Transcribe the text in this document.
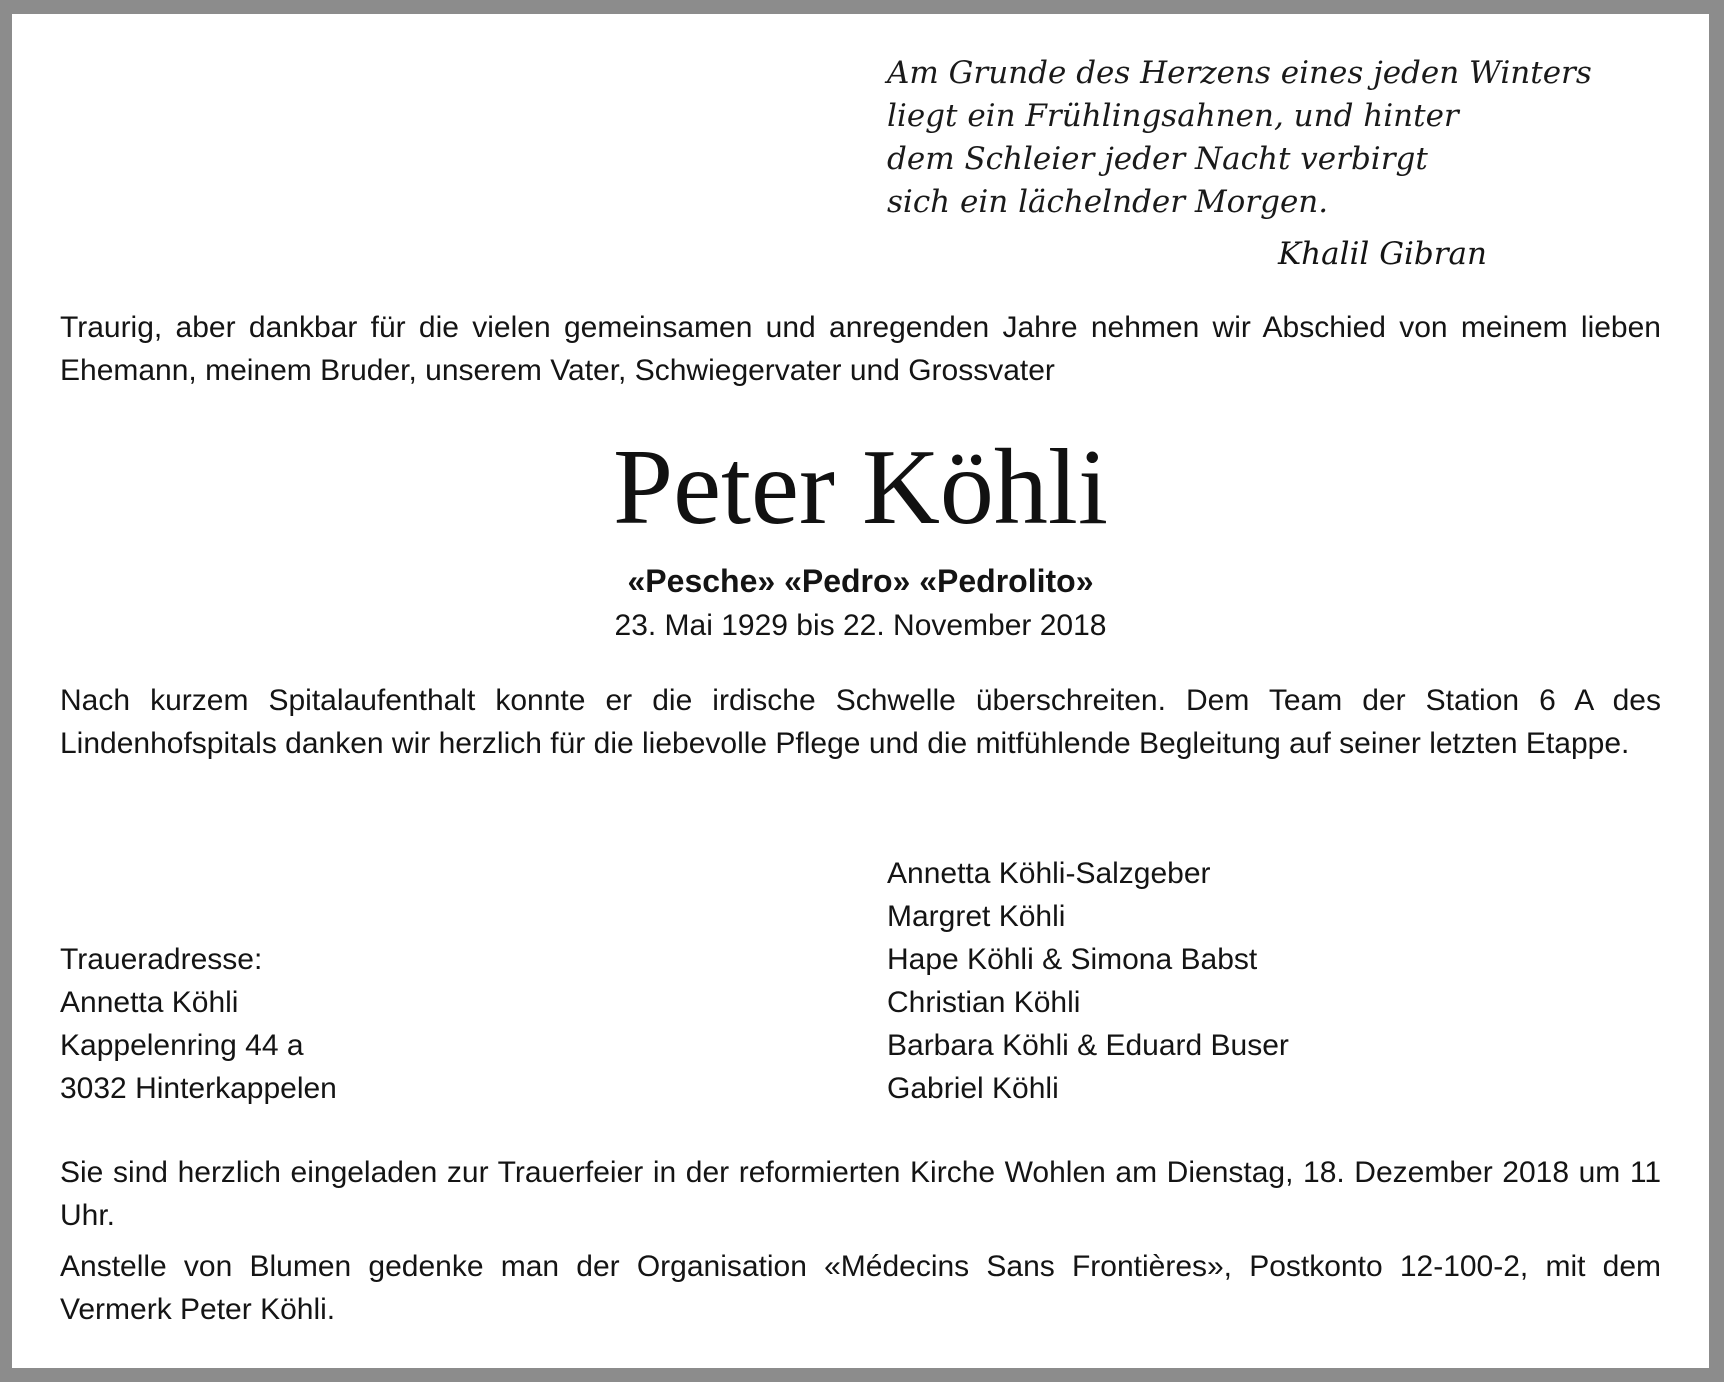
Am Grunde des Herzens eines jeden Winters
liegt ein Frühlingsahnen, und hinter
dem Schleier jeder Nacht verbirgt
sich ein lächelnder Morgen.
Khalil Gibran
Traurig, aber dankbar für die vielen gemeinsamen und anregenden Jahre nehmen wir Abschied von meinem lieben Ehemann, meinem Bruder, unserem Vater, Schwiegervater und Grossvater
Peter Köhli
«Pesche» «Pedro» «Pedrolito»
23. Mai 1929 bis 22. November 2018
Nach kurzem Spitalaufenthalt konnte er die irdische Schwelle überschreiten. Dem Team der Station 6 A des Lindenhofspitals danken wir herzlich für die liebevolle Pflege und die mitfühlende Begleitung auf seiner letzten Etappe.
Traueradresse:
Annetta Köhli
Kappelenring 44 a
3032 Hinterkappelen
Annetta Köhli-Salzgeber
Margret Köhli
Hape Köhli & Simona Babst
Christian Köhli
Barbara Köhli & Eduard Buser
Gabriel Köhli
Sie sind herzlich eingeladen zur Trauerfeier in der reformierten Kirche Wohlen am Dienstag, 18. Dezember 2018 um 11 Uhr.
Anstelle von Blumen gedenke man der Organisation «Médecins Sans Frontières», Postkonto 12-100-2, mit dem Vermerk Peter Köhli.
